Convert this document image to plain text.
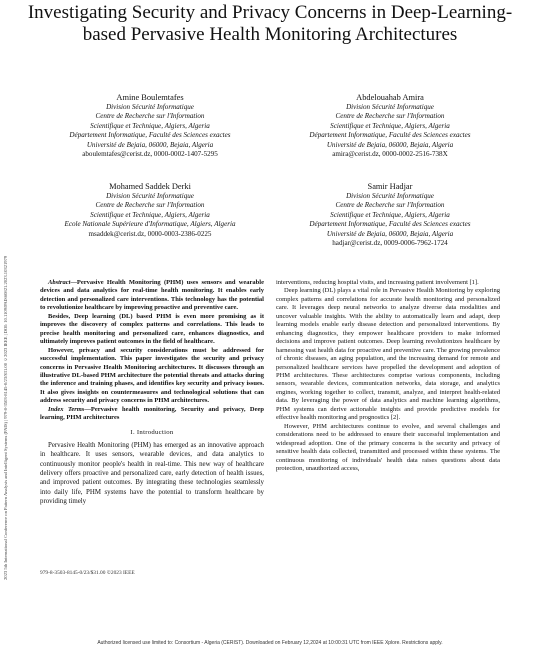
2023 5th International Conference on Pattern Analysis and Intelligent Systems (PAIS) | 979-8-3503-8145-0/23/$31.00 ©2023 IEEE | DOI: 10.1109/PAIS60821.2023.10321979
Investigating Security and Privacy Concerns in Deep-Learning-based Pervasive Health Monitoring Architectures
Amine Boulemtafes
Division Sécurité Informatique
Centre de Recherche sur l'Information
Scientifique et Technique, Algiers, Algeria
Département Informatique, Faculté des Sciences exactes
Université de Bejaia, 06000, Bejaia, Algeria
aboulemtafes@cerist.dz, 0000-0002-1407-5295
Abdelouahab Amira
Division Sécurité Informatique
Centre de Recherche sur l'Information
Scientifique et Technique, Algiers, Algeria
Département Informatique, Faculté des Sciences exactes
Université de Bejaia, 06000, Bejaia, Algeria
amira@cerist.dz, 0000-0002-2516-738X
Mohamed Saddek Derki
Division Sécurité Informatique
Centre de Recherche sur l'Information
Scientifique et Technique, Algiers, Algeria
Ecole Nationale Supérieure d'Informatique, Algiers, Algeria
msaddek@cerist.dz, 0000-0003-2386-0225
Samir Hadjar
Division Sécurité Informatique
Centre de Recherche sur l'Information
Scientifique et Technique, Algiers, Algeria
Département Informatique, Faculté des Sciences exactes
Université de Bejaia, 06000, Bejaia, Algeria
hadjar@cerist.dz, 0009-0006-7962-1724

Abstract—Pervasive Health Monitoring (PHM) uses sensors and wearable devices and data analytics for real-time health monitoring. It enables early detection and personalized care interventions. This technology has the potential to revolutionize healthcare by improving proactive and preventive care.

Besides, Deep learning (DL) based PHM is even more promising as it improves the discovery of complex patterns and correlations. This leads to precise health monitoring and personalized care, enhances diagnostics, and ultimately improves patient outcomes in the field of healthcare.

However, privacy and security considerations must be addressed for successful implementation. This paper investigates the security and privacy concerns in Pervasive Health Monitoring architectures. It discusses through an illustrative DL-based PHM architecture the potential threats and attacks during the inference and training phases, and identifies key security and privacy issues. It also gives insights on countermeasures and technological solutions that can address security and privacy concerns in PHM architectures.

Index Terms—Pervasive health monitoring, Security and privacy, Deep learning, PHM architectures

I. Introduction

Pervasive Health Monitoring (PHM) has emerged as an innovative approach in healthcare. It uses sensors, wearable devices, and data analytics to continuously monitor people's health in real-time. This new way of healthcare delivery offers proactive and personalized care, early detection of health issues, and improved patient outcomes. By integrating these technologies seamlessly into daily life, PHM systems have the potential to transform healthcare by providing timely

979-8-3503-8145-0/23/$31.00 ©2023 IEEE

interventions, reducing hospital visits, and increasing patient involvement [1].

Deep learning (DL) plays a vital role in Pervasive Health Monitoring by exploring complex patterns and correlations for accurate health monitoring and personalized care. It leverages deep neural networks to analyze diverse data modalities and uncover valuable insights. With the ability to automatically learn and adapt, deep learning models enable early disease detection and personalized interventions. By enhancing diagnostics, they empower healthcare providers to make informed decisions and improve patient outcomes. Deep learning revolutionizes healthcare by harnessing vast health data for proactive and preventive care. The growing prevalence of chronic diseases, an aging population, and the increasing demand for remote and personalized healthcare services have propelled the development and adoption of PHM architectures. These architectures comprise various components, including sensors, wearable devices, communication networks, data storage, and analytics engines, working together to collect, transmit, analyze, and interpret health-related data. By leveraging the power of data analytics and machine learning algorithms, PHM systems can derive actionable insights and provide predictive models for effective health monitoring and prognostics [2].

However, PHM architectures continue to evolve, and several challenges and considerations need to be addressed to ensure their successful implementation and widespread adoption. One of the primary concerns is the security and privacy of sensitive health data collected, transmitted and processed within these systems. The continuous monitoring of individuals' health data raises questions about data protection, unauthorized access,

Authorized licensed use limited to: Consortium - Algeria (CERIST). Downloaded on February 12,2024 at 10:00:31 UTC from IEEE Xplore. Restrictions apply.
